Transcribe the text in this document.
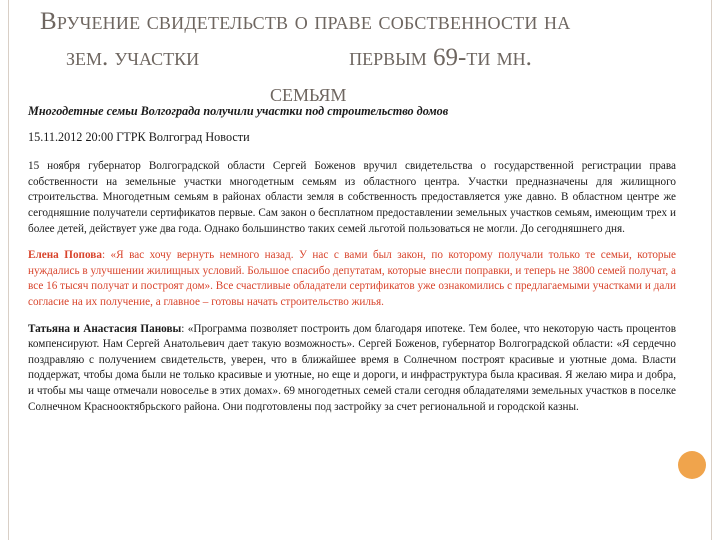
Вручение свидетельств о праве собственности на
зем. участки	первым 69-ти мн.
семьям

Многодетные семьи Волгограда получили участки под строительство домов

15.11.2012 20:00 ГТРК Волгоград Новости

15 ноября губернатор Волгоградской области Сергей Боженов вручил свидетельства о государственной регистрации права собственности на земельные участки многодетным семьям из областного центра. Участки предназначены для жилищного строительства. Многодетным семьям в районах области земля в собственность предоставляется уже давно. В областном центре же сегодняшние получатели сертификатов первые. Сам закон о бесплатном предоставлении земельных участков семьям, имеющим трех и более детей, действует уже два года. Однако большинство таких семей льготой пользоваться не могли. До сегодняшнего дня.

Елена Попова: «Я вас хочу вернуть немного назад. У нас с вами был закон, по которому получали только те семьи, которые нуждались в улучшении жилищных условий. Большое спасибо депутатам, которые внесли поправки, и теперь не 3800 семей получат, а все 16 тысяч получат и построят дом». Все счастливые обладатели сертификатов уже ознакомились с предлагаемыми участками и дали согласие на их получение, а главное – готовы начать строительство жилья.

Татьяна и Анастасия Пановы: «Программа позволяет построить дом благодаря ипотеке. Тем более, что некоторую часть процентов компенсируют. Нам Сергей Анатольевич дает такую возможность». Сергей Боженов, губернатор Волгоградской области: «Я сердечно поздравляю с получением свидетельств, уверен, что в ближайшее время в Солнечном построят красивые и уютные дома. Власти поддержат, чтобы дома были не только красивые и уютные, но еще и дороги, и инфраструктура была красивая. Я желаю мира и добра, и чтобы мы чаще отмечали новоселье в этих домах». 69 многодетных семей стали сегодня обладателями земельных участков в поселке Солнечном Краснооктябрьского района. Они подготовлены под застройку за счет региональной и городской казны.
